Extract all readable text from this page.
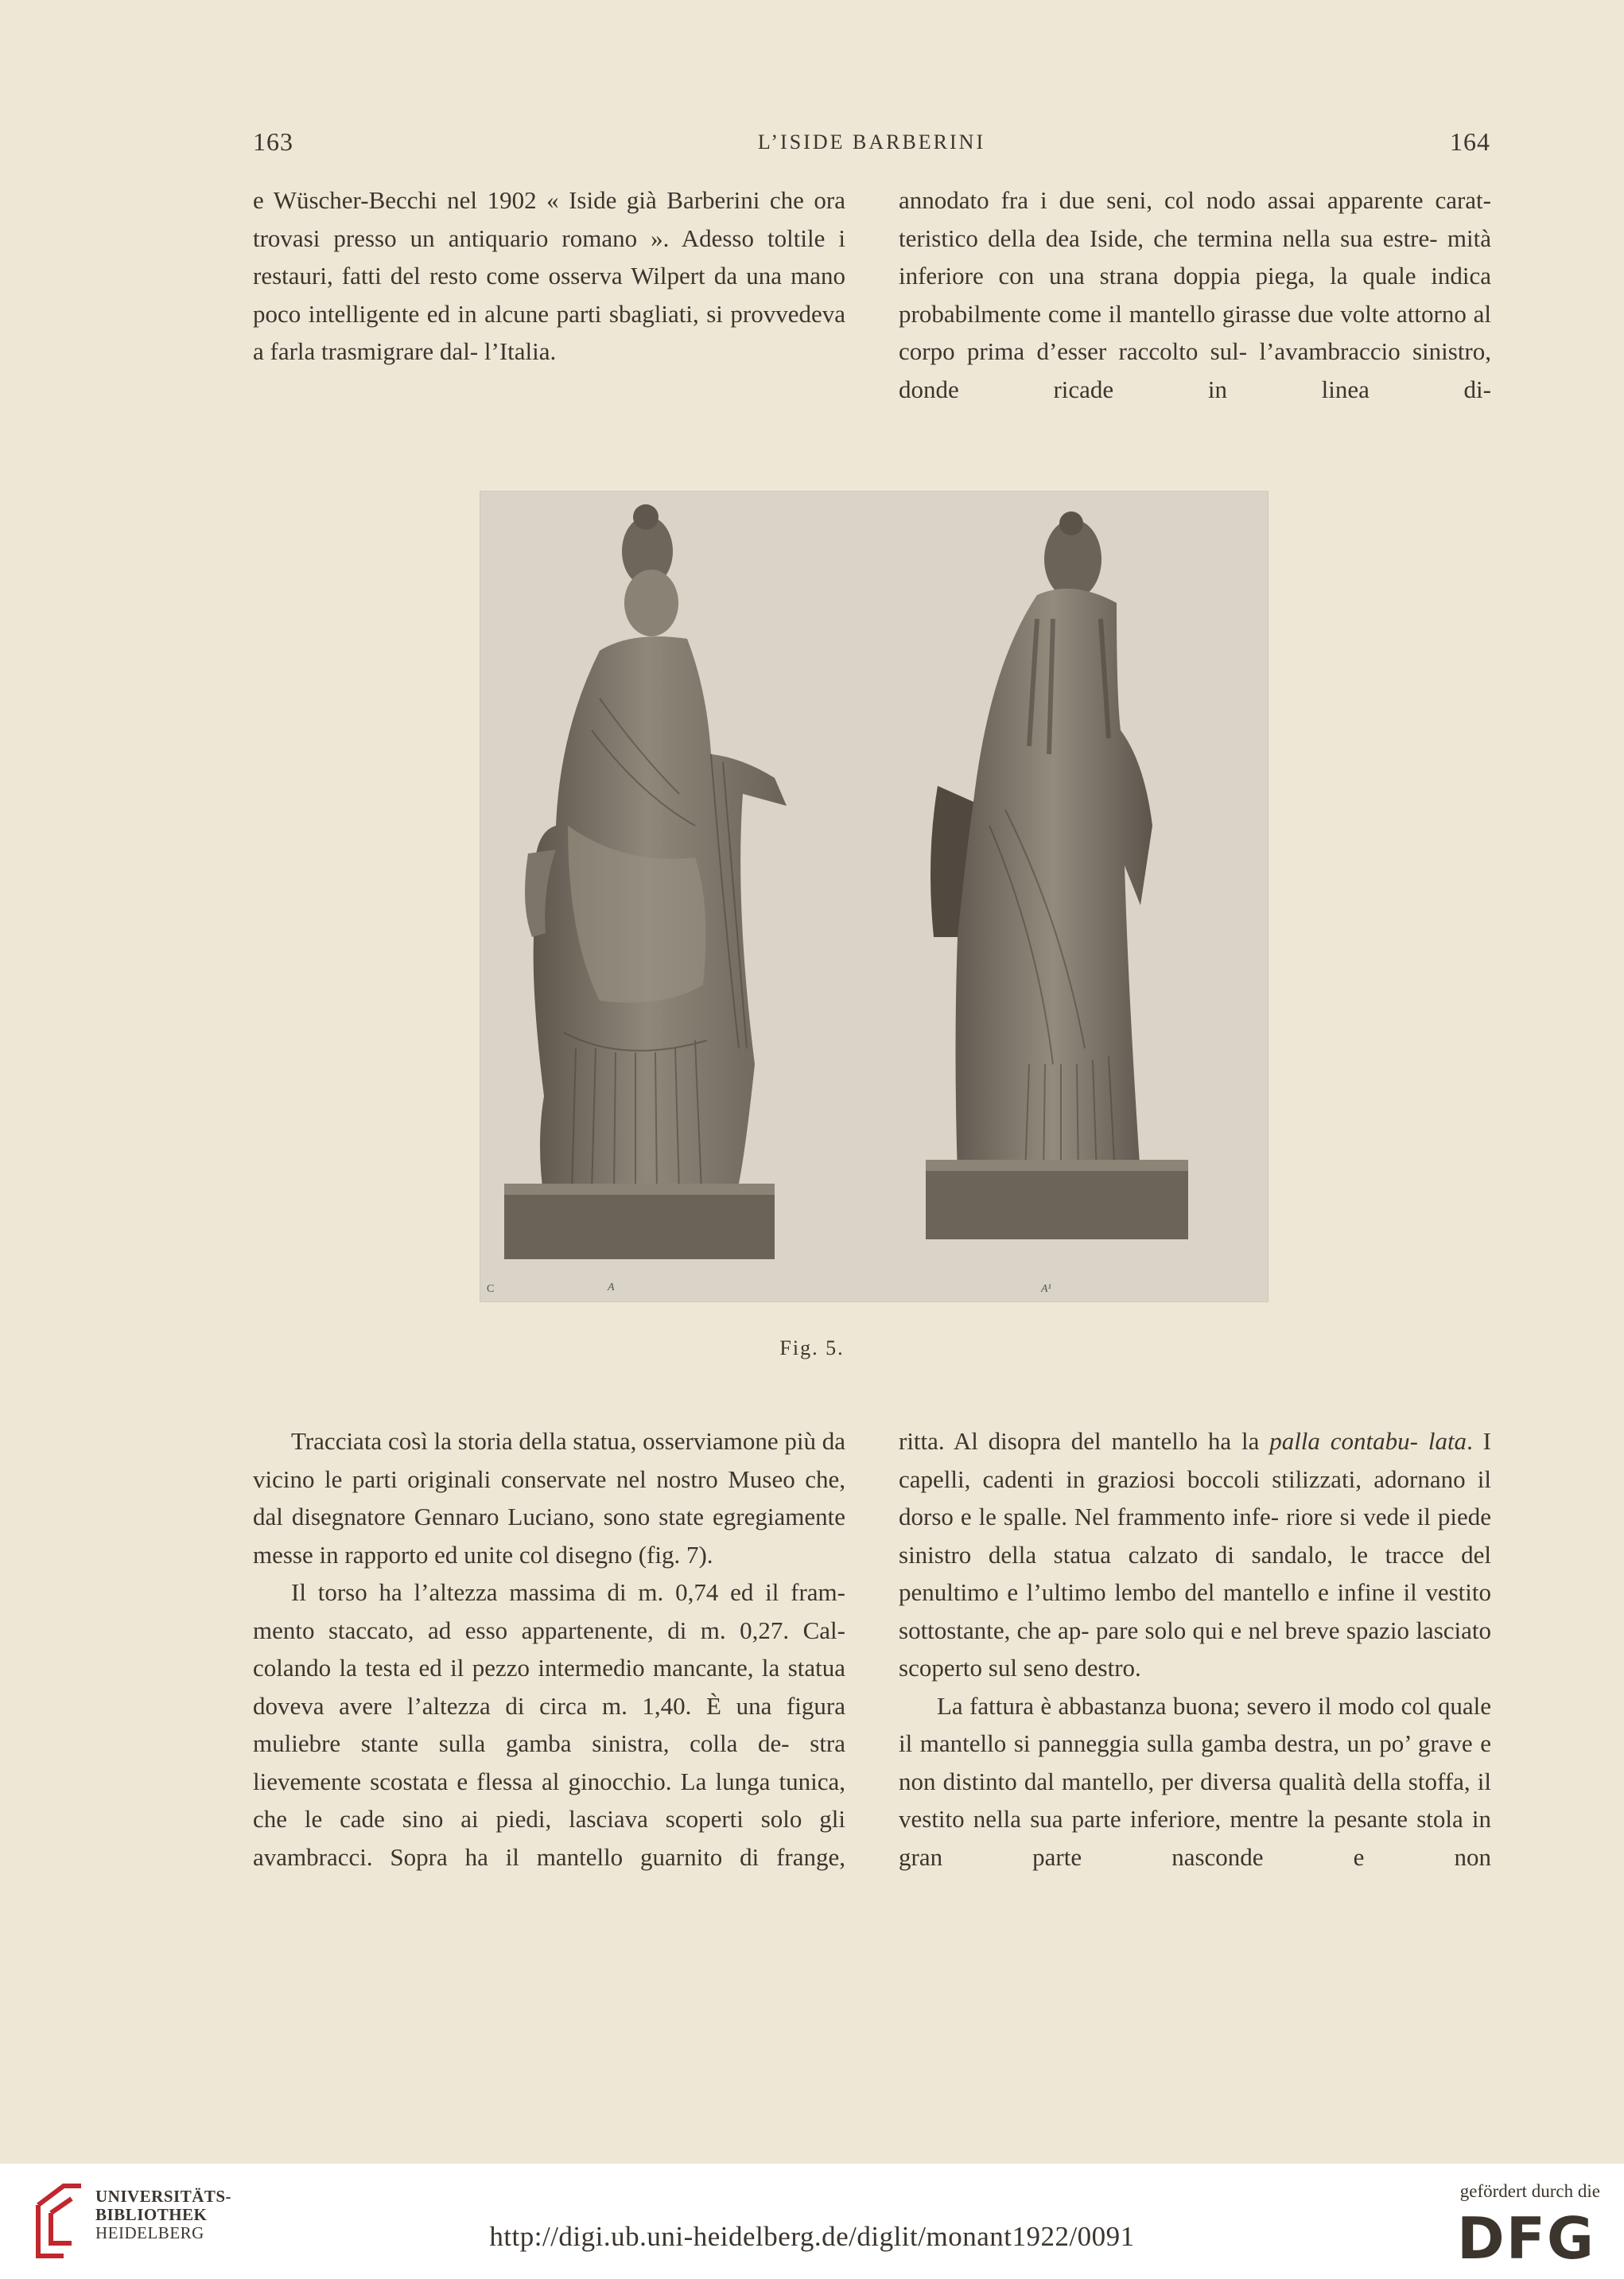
163	L’ISIDE BARBERINI	164

e Wüscher-Becchi nel 1902 « Iside già Barberini che ora trovasi presso un antiquario romano ». Adesso toltile i restauri, fatti del resto come osserva Wilpert da una mano poco intelligente ed in alcune parti sbagliati, si provvedeva a farla trasmigrare dal- l’Italia.

annodato fra i due seni, col nodo assai apparente carat- teristico della dea Iside, che termina nella sua estre- mità inferiore con una strana doppia piega, la quale indica probabilmente come il mantello girasse due volte attorno al corpo prima d’esser raccolto sul- l’avambraccio sinistro, donde ricade in linea di-

C	A	A¹
Fig. 5.

Tracciata così la storia della statua, osserviamone più da vicino le parti originali conservate nel nostro Museo che, dal disegnatore Gennaro Luciano, sono state egregiamente messe in rapporto ed unite col disegno (fig. 7).

Il torso ha l’altezza massima di m. 0,74 ed il fram- mento staccato, ad esso appartenente, di m. 0,27. Cal- colando la testa ed il pezzo intermedio mancante, la statua doveva avere l’altezza di circa m. 1,40. È una figura muliebre stante sulla gamba sinistra, colla de- stra lievemente scostata e flessa al ginocchio. La lunga tunica, che le cade sino ai piedi, lasciava scoperti solo gli avambracci. Sopra ha il mantello guarnito di frange,

ritta. Al disopra del mantello ha la palla contabu- lata. I capelli, cadenti in graziosi boccoli stilizzati, adornano il dorso e le spalle. Nel frammento infe- riore si vede il piede sinistro della statua calzato di sandalo, le tracce del penultimo e l’ultimo lembo del mantello e infine il vestito sottostante, che ap- pare solo qui e nel breve spazio lasciato scoperto sul seno destro.

La fattura è abbastanza buona; severo il modo col quale il mantello si panneggia sulla gamba destra, un po’ grave e non distinto dal mantello, per diversa qualità della stoffa, il vestito nella sua parte inferiore, mentre la pesante stola in gran parte nasconde e non

UNIVERSITÄTS-
BIBLIOTHEK
HEIDELBERG	http://digi.ub.uni-heidelberg.de/diglit/monant1922/0091
gefördert durch die
DFG
